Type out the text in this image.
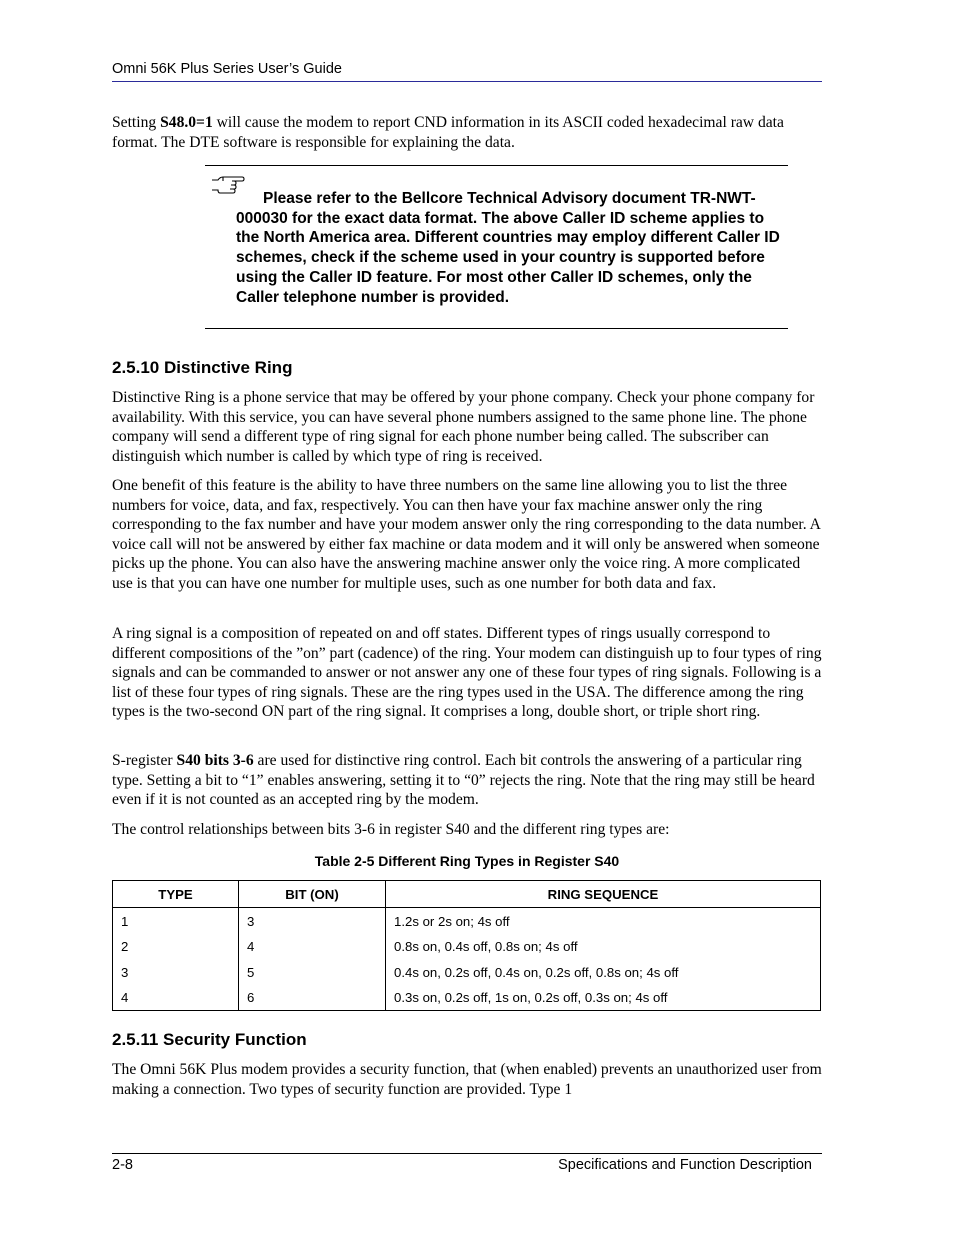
Omni 56K Plus Series User’s Guide

Setting S48.0=1 will cause the modem to report CND information in its ASCII coded hexadecimal raw data format. The DTE software is responsible for explaining the data.

Please refer to the Bellcore Technical Advisory document TR-NWT-000030 for the exact data format. The above Caller ID scheme applies to the North America area. Different countries may employ different Caller ID schemes, check if the scheme used in your country is supported before using the Caller ID feature. For most other Caller ID schemes, only the Caller telephone number is provided.
2.5.10 Distinctive Ring

Distinctive Ring is a phone service that may be offered by your phone company. Check your phone company for availability. With this service, you can have several phone numbers assigned to the same phone line. The phone company will send a different type of ring signal for each phone number being called. The subscriber can distinguish which number is called by which type of ring is received.

One benefit of this feature is the ability to have three numbers on the same line allowing you to list the three numbers for voice, data, and fax, respectively. You can then have your fax machine answer only the ring corresponding to the fax number and have your modem answer only the ring corresponding to the data number. A voice call will not be answered by either fax machine or data modem and it will only be answered when someone picks up the phone. You can also have the answering machine answer only the voice ring. A more complicated use is that you can have one number for multiple uses, such as one number for both data and fax.

A ring signal is a composition of repeated on and off states. Different types of rings usually correspond to different compositions of the ”on” part (cadence) of the ring. Your modem can distinguish up to four types of ring signals and can be commanded to answer or not answer any one of these four types of ring signals. Following is a list of these four types of ring signals. These are the ring types used in the USA. The difference among the ring types is the two-second ON part of the ring signal. It comprises a long, double short, or triple short ring.

S-register S40 bits 3-6 are used for distinctive ring control. Each bit controls the answering of a particular ring type. Setting a bit to “1” enables answering, setting it to “0” rejects the ring. Note that the ring may still be heard even if it is not counted as an accepted ring by the modem.

The control relationships between bits 3-6 in register S40 and the different ring types are:

Table 2-5 Different Ring Types in Register S40
TYPE	BIT (ON)	RING SEQUENCE
1	3	1.2s or 2s on; 4s off
2	4	0.8s on, 0.4s off, 0.8s on; 4s off
3	5	0.4s on, 0.2s off, 0.4s on, 0.2s off, 0.8s on; 4s off
4	6	0.3s on, 0.2s off, 1s on, 0.2s off, 0.3s on; 4s off
2.5.11 Security Function

The Omni 56K Plus modem provides a security function, that (when enabled) prevents an unauthorized user from making a connection. Two types of security function are provided. Type 1

2-8	Specifications and Function Description
